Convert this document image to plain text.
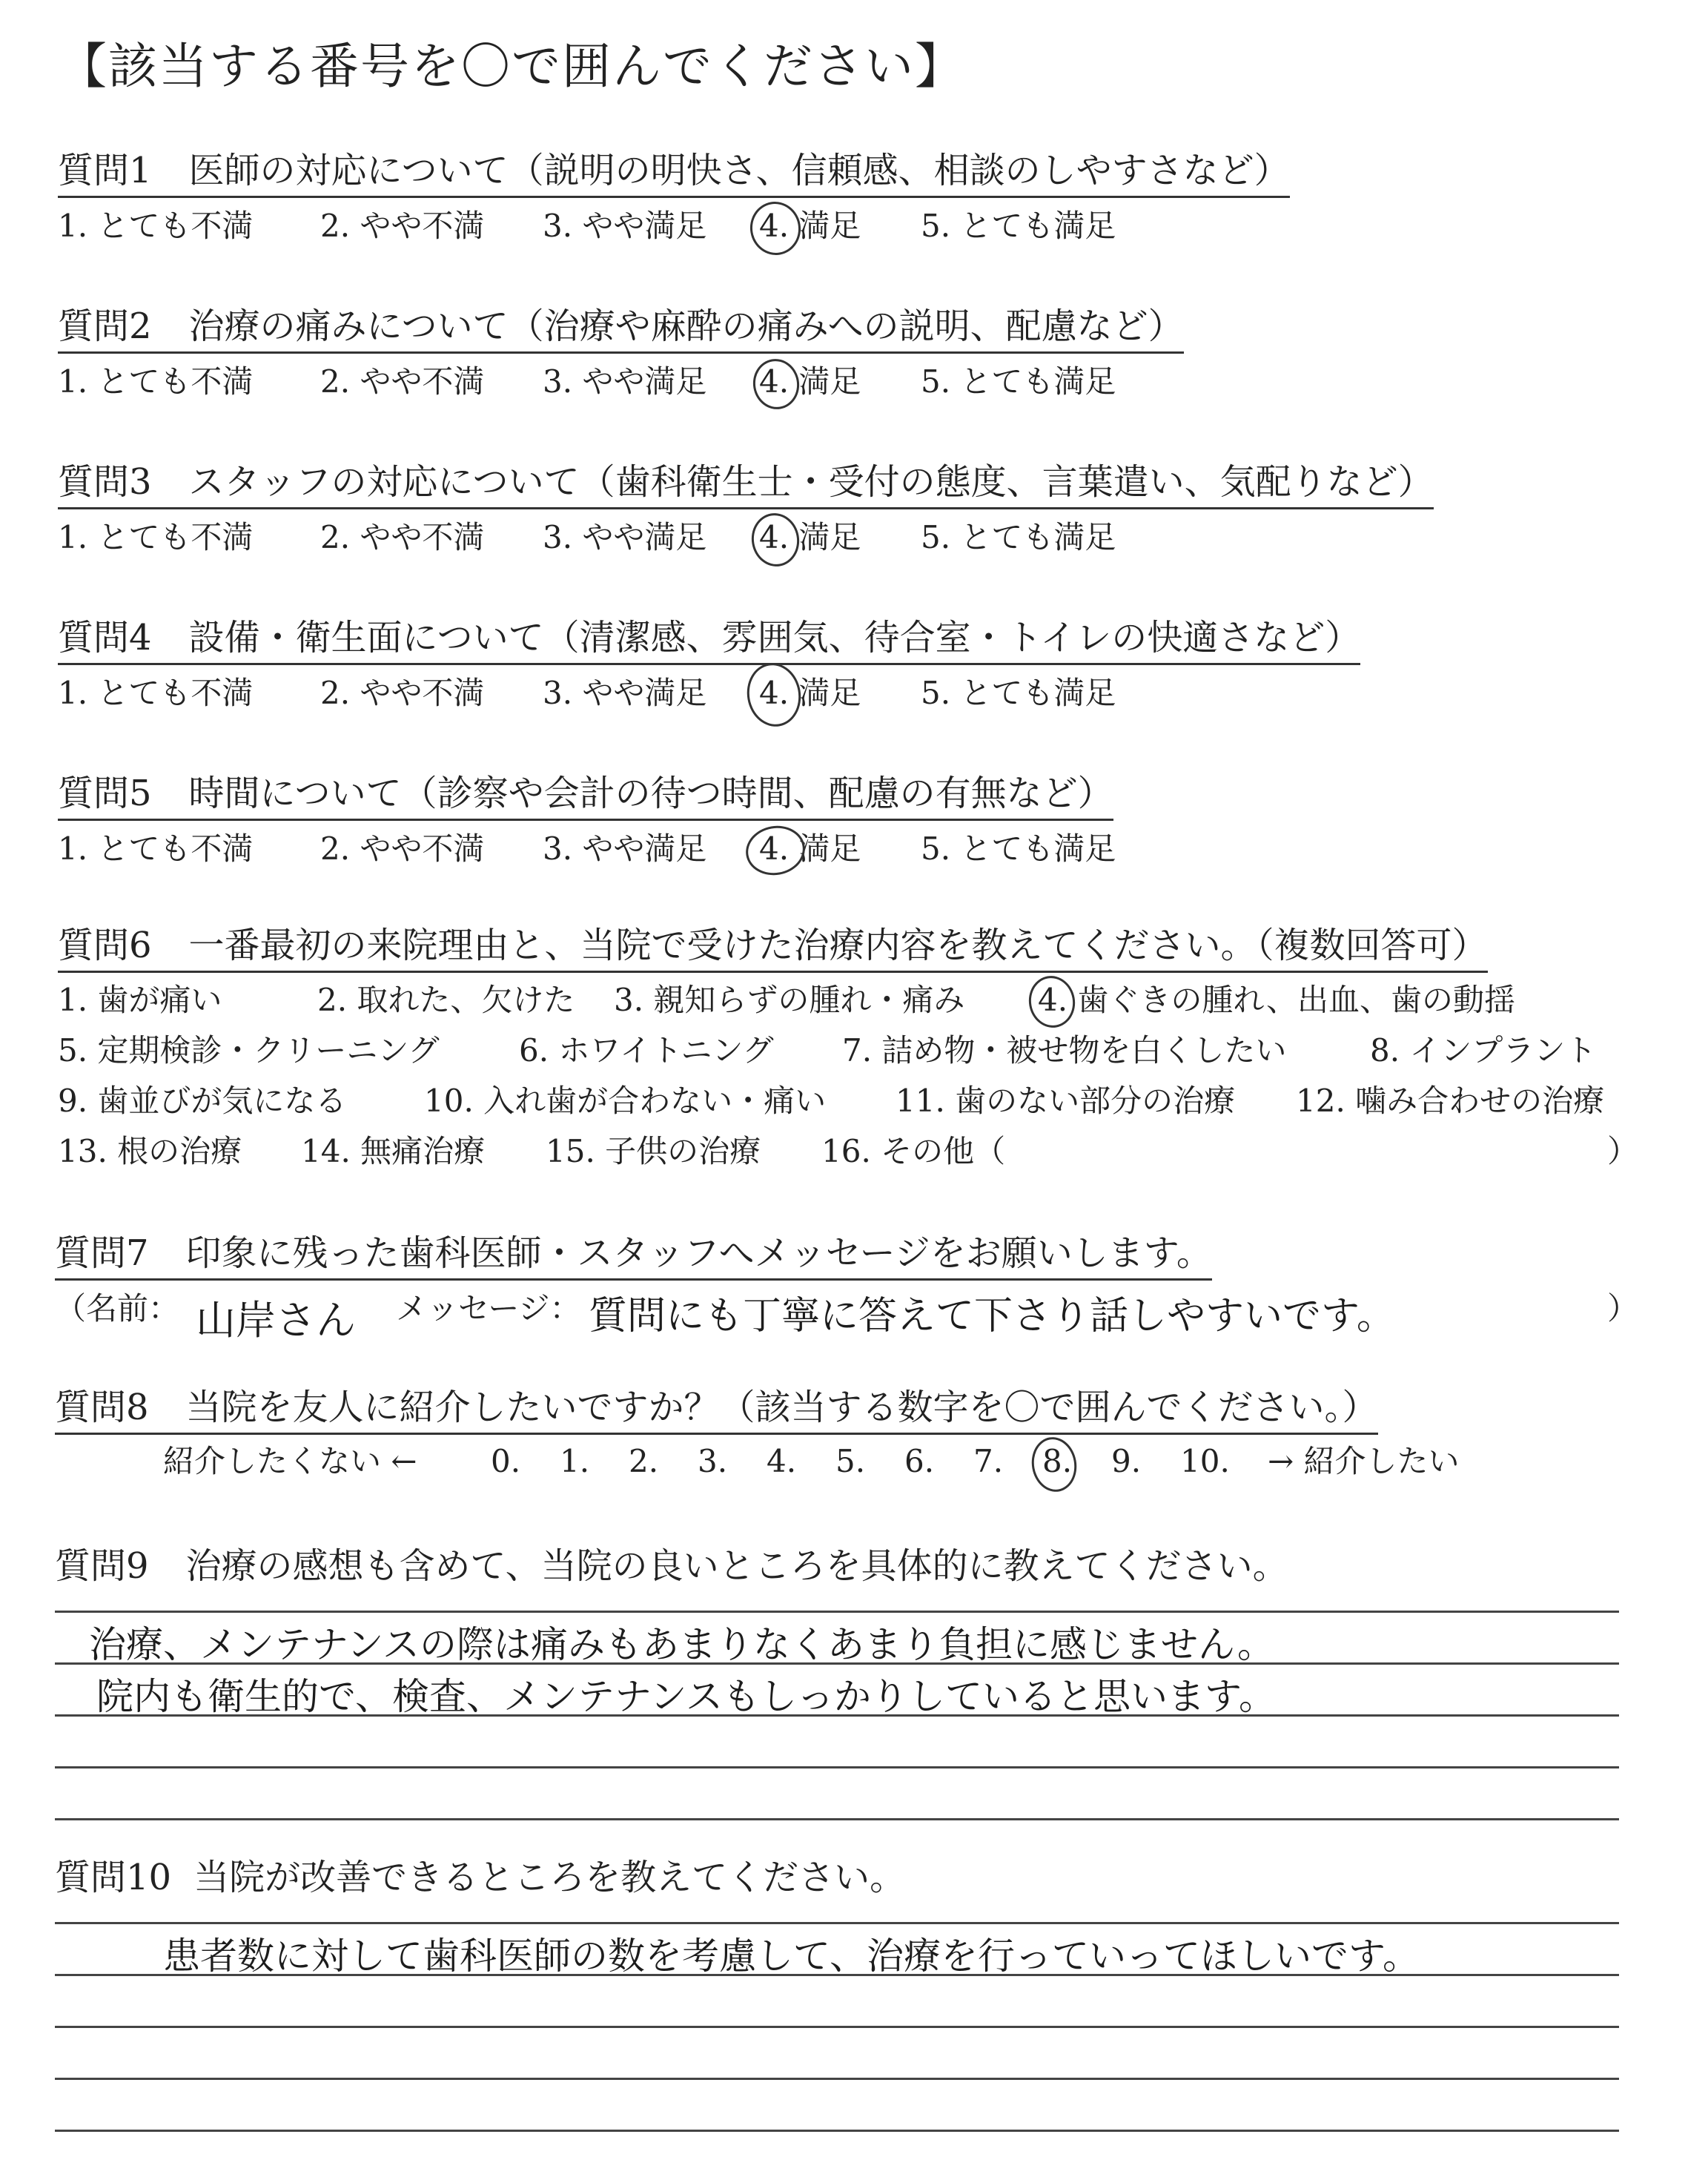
【該当する番号を〇で囲んでください】
質問1 医師の対応について（説明の明快さ、信頼感、相談のしやすさなど）
1. とても不満 2. やや不満 3. やや満足 4. 満足 5. とても満足
質問2 治療の痛みについて（治療や麻酔の痛みへの説明、配慮など）
1. とても不満 2. やや不満 3. やや満足 4. 満足 5. とても満足
質問3 スタッフの対応について（歯科衛生士・受付の態度、言葉遣い、気配りなど）
1. とても不満 2. やや不満 3. やや満足 4. 満足 5. とても満足
質問4 設備・衛生面について（清潔感、雰囲気、待合室・トイレの快適さなど）
1. とても不満 2. やや不満 3. やや満足 4. 満足 5. とても満足
質問5 時間について（診察や会計の待つ時間、配慮の有無など）
1. とても不満 2. やや不満 3. やや満足 4. 満足 5. とても満足
質問6 一番最初の来院理由と、当院で受けた治療内容を教えてください。（複数回答可）
1. 歯が痛い	2. 取れた、欠けた 3. 親知らずの腫れ・痛み 4. 歯ぐきの腫れ、出血、歯の動揺
5. 定期検診・クリーニング	6. ホワイトニング 7. 詰め物・被せ物を白くしたい	8. インプラント
9. 歯並びが気になる 10. 入れ歯が合わない・痛い 11. 歯のない部分の治療 12. 噛み合わせの治療
13. 根の治療 14. 無痛治療 15. 子供の治療 16. その他（	）
質問7 印象に残った歯科医師・スタッフへメッセージをお願いします。
（名前： 山岸さん メッセージ： 質問にも丁寧に答えて下さり話しやすいです。	）
質問8 当院を友人に紹介したいですか？（該当する数字を〇で囲んでください。）
紹介したくない ← 0. 1. 2. 3. 4. 5. 6. 7. 8. 9. 10. → 紹介したい
質問9 治療の感想も含めて、当院の良いところを具体的に教えてください。
治療、メンテナンスの際は痛みもあまりなくあまり負担に感じません。
院内も衛生的で、検査、メンテナンスもしっかりしていると思います。
質問10 当院が改善できるところを教えてください。
患者数に対して歯科医師の数を考慮して、治療を行っていってほしいです。
